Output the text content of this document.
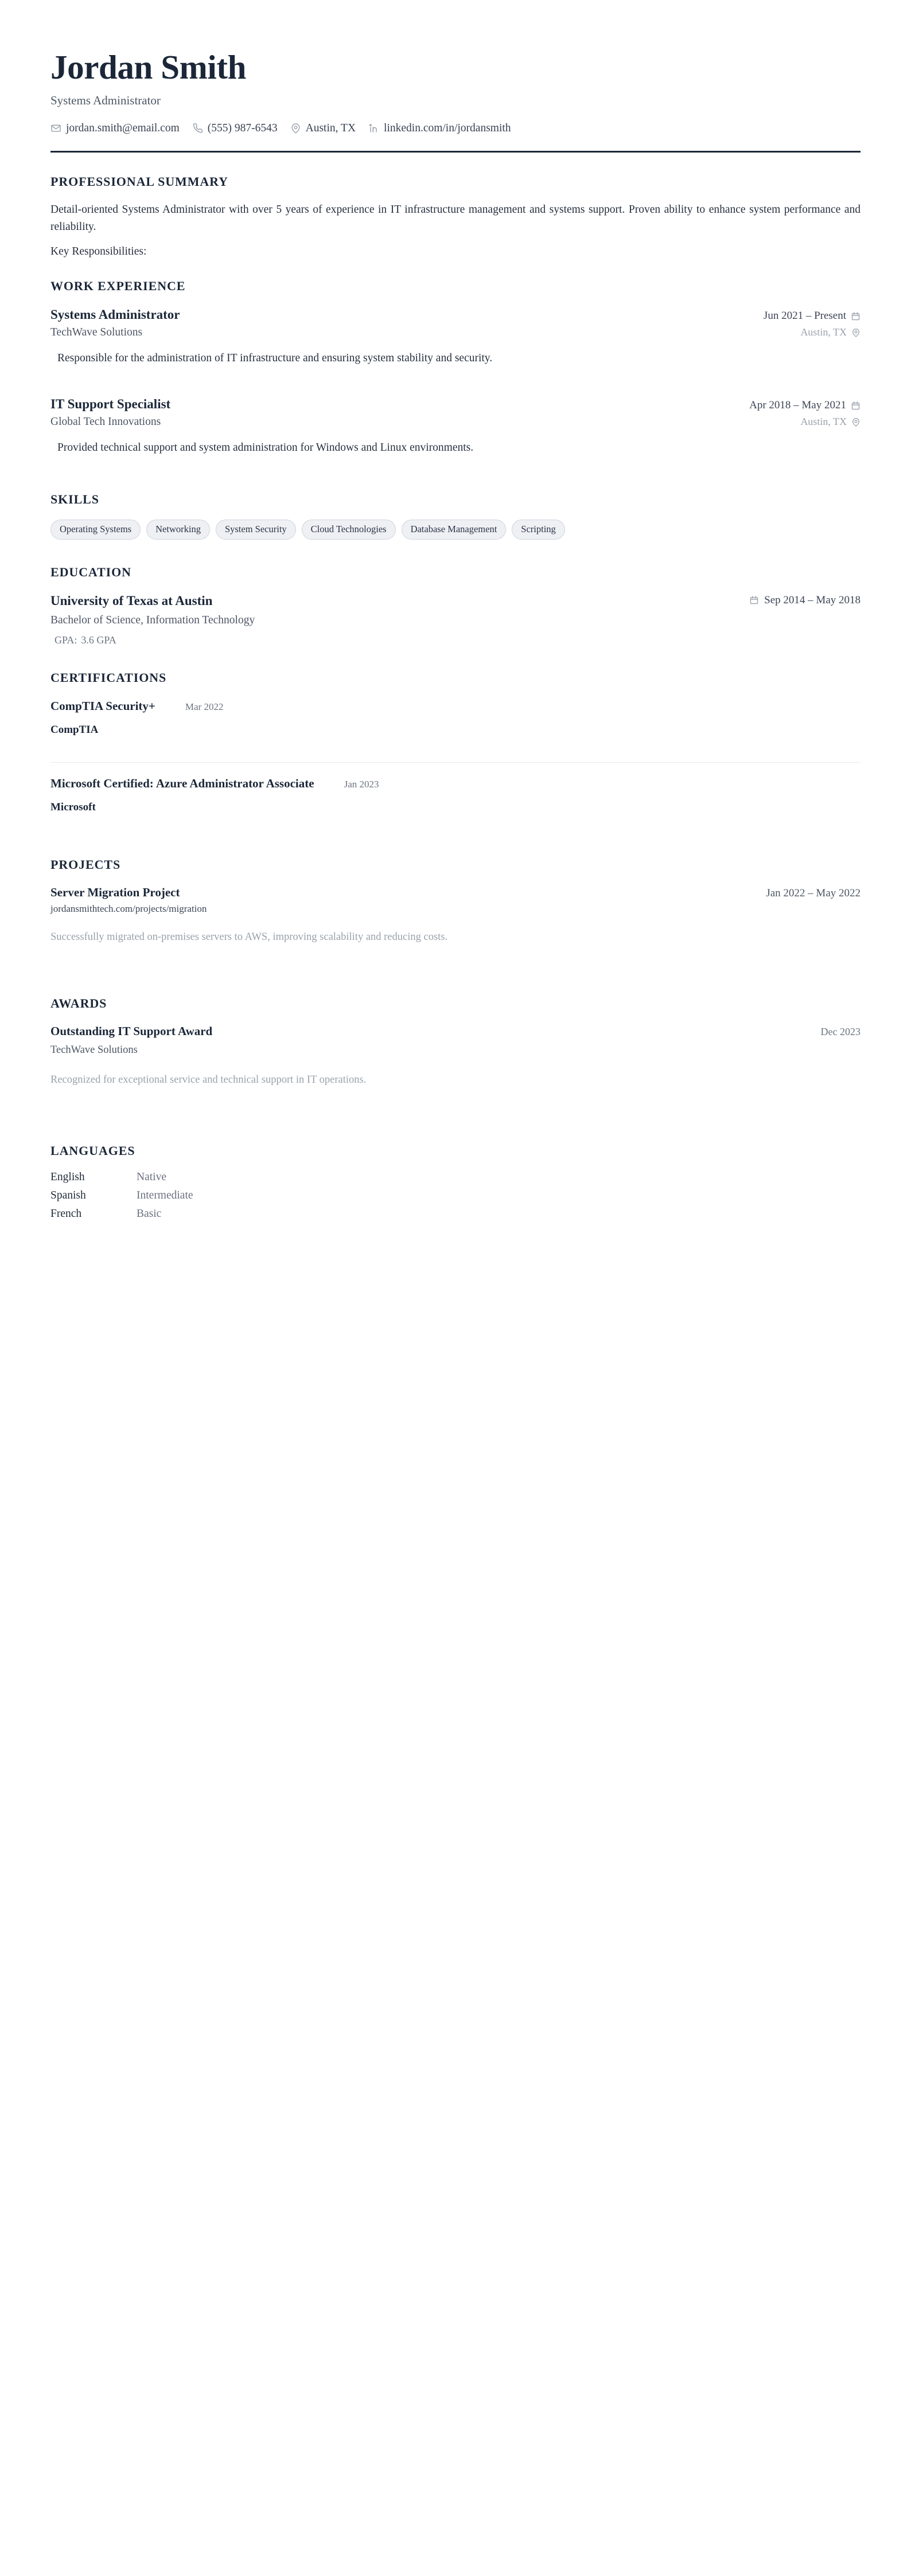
Jordan Smith
Systems Administrator
jordan.smith@email.com	(555) 987-6543	Austin, TX	linkedin.com/in/jordansmith
PROFESSIONAL SUMMARY

Detail-oriented Systems Administrator with over 5 years of experience in IT infrastructure management and systems support. Proven ability to enhance system performance and reliability.

Key Responsibilities:
WORK EXPERIENCE
Systems Administrator	Jun 2021 – Present
TechWave Solutions	Austin, TX

Responsible for the administration of IT infrastructure and ensuring system stability and security.

IT Support Specialist	Apr 2018 – May 2021
Global Tech Innovations	Austin, TX

Provided technical support and system administration for Windows and Linux environments.

SKILLS
Operating Systems	Networking	System Security	Cloud Technologies	Database Management	Scripting
EDUCATION
University of Texas at Austin	Sep 2014 – May 2018
Bachelor of Science, Information Technology
GPA: 3.6 GPA
CERTIFICATIONS
CompTIA Security+	Mar 2022
CompTIA
Microsoft Certified: Azure Administrator Associate	Jan 2023
Microsoft
PROJECTS
Server Migration Project	Jan 2022 – May 2022
jordansmithtech.com/projects/migration

Successfully migrated on-premises servers to AWS, improving scalability and reducing costs.

AWARDS
Outstanding IT Support Award	Dec 2023
TechWave Solutions

Recognized for exceptional service and technical support in IT operations.

LANGUAGES
English	Native
Spanish	Intermediate
French	Basic
